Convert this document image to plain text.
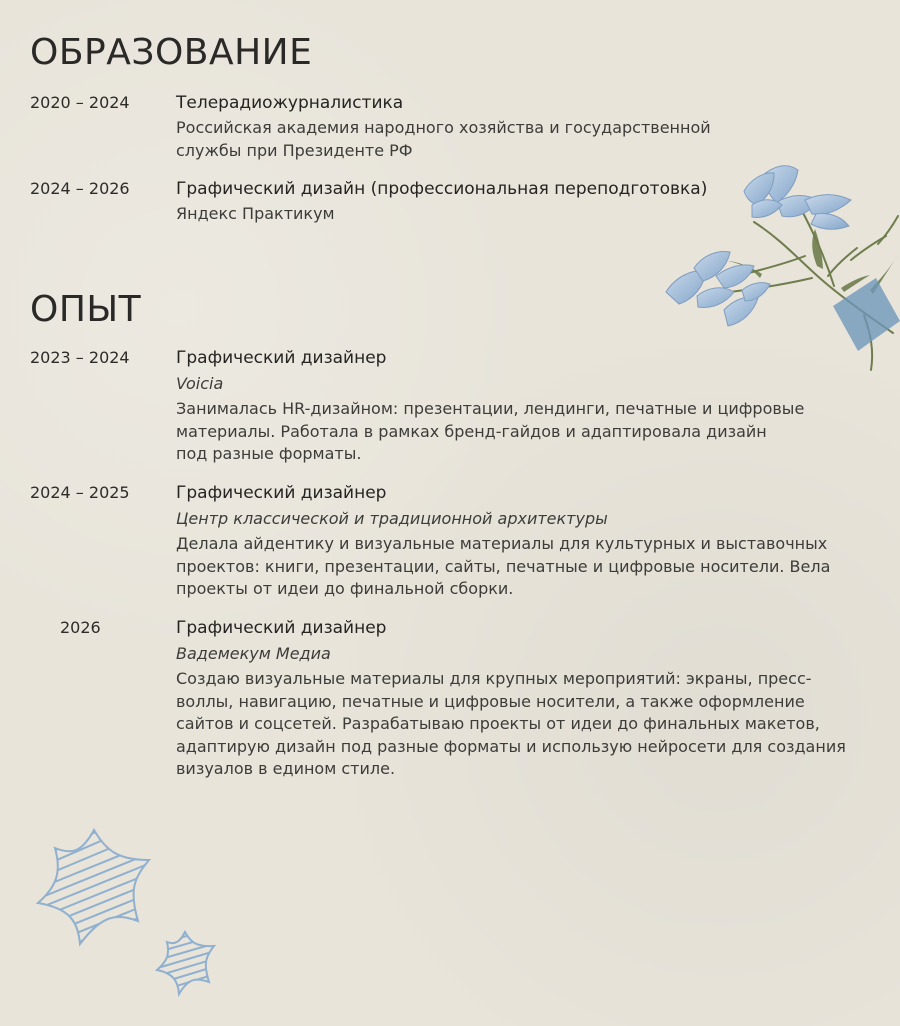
ОБРАЗОВАНИЕ
2020 – 2024	Телерадиожурналистика
Российская академия народного хозяйства и государственной
службы при Президенте РФ
2024 – 2026	Графический дизайн (профессиональная переподготовка)
Яндекс Практикум
ОПЫТ
2023 – 2024	Графический дизайнер
Voicia
Занималась HR-дизайном: презентации, лендинги, печатные и цифровые
материалы. Работала в рамках бренд-гайдов и адаптировала дизайн
под разные форматы.
2024 – 2025	Графический дизайнер
Центр классической и традиционной архитектуры
Делала айдентику и визуальные материалы для культурных и выставочных
проектов: книги, презентации, сайты, печатные и цифровые носители. Вела
проекты от идеи до финальной сборки.
2026	Графический дизайнер
Вадемекум Медиа
Создаю визуальные материалы для крупных мероприятий: экраны, пресс-
воллы, навигацию, печатные и цифровые носители, а также оформление
сайтов и соцсетей. Разрабатываю проекты от идеи до финальных макетов,
адаптирую дизайн под разные форматы и использую нейросети для создания
визуалов в едином стиле.
